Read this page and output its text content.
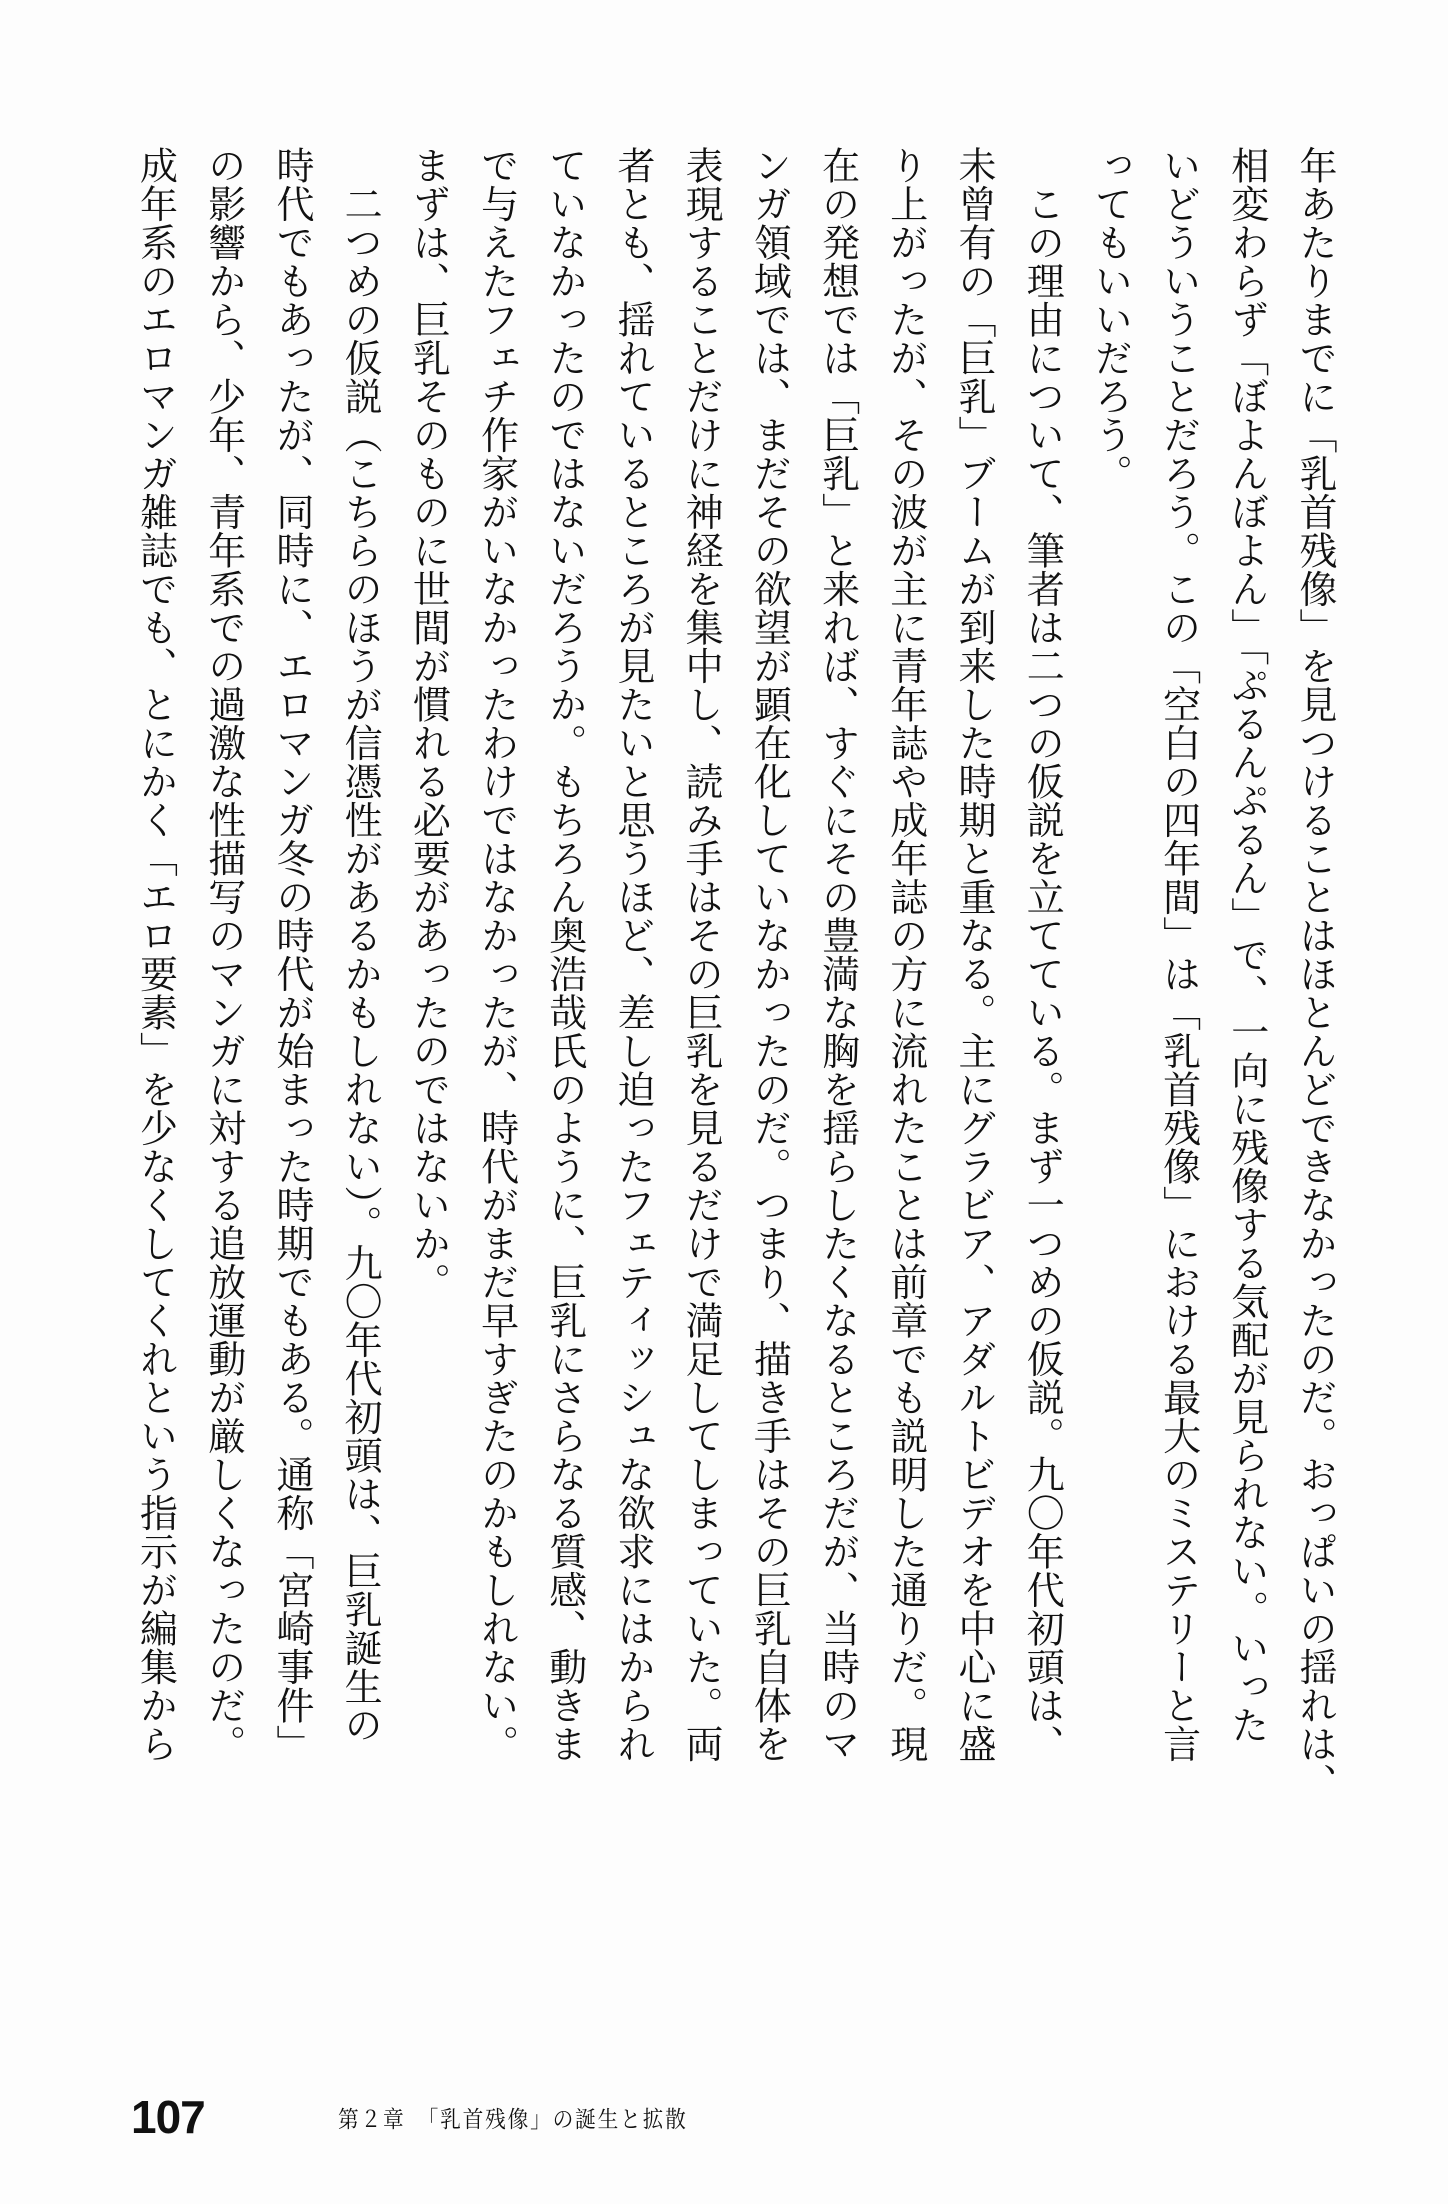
年あたりまでに「乳首残像」を見つけることはほとんどできなかったのだ。おっぱいの揺れは、
相変わらず「ぼよんぼよん」「ぷるんぷるん」で、一向に残像する気配が見られない。いった
いどういうことだろう。この「空白の四年間」は「乳首残像」における最大のミステリーと言
ってもいいだろう。
　この理由について、筆者は二つの仮説を立てている。まず一つめの仮説。九〇年代初頭は、
未曾有の「巨乳」ブームが到来した時期と重なる。主にグラビア、アダルトビデオを中心に盛
り上がったが、その波が主に青年誌や成年誌の方に流れたことは前章でも説明した通りだ。現
在の発想では「巨乳」と来れば、すぐにその豊満な胸を揺らしたくなるところだが、当時のマ
ンガ領域では、まだその欲望が顕在化していなかったのだ。つまり、描き手はその巨乳自体を
表現することだけに神経を集中し、読み手はその巨乳を見るだけで満足してしまっていた。両
者とも、揺れているところが見たいと思うほど、差し迫ったフェティッシュな欲求にはかられ
ていなかったのではないだろうか。もちろん奥浩哉氏のように、巨乳にさらなる質感、動きま
で与えたフェチ作家がいなかったわけではなかったが、時代がまだ早すぎたのかもしれない。
まずは、巨乳そのものに世間が慣れる必要があったのではないか。
　二つめの仮説（こちらのほうが信憑性があるかもしれない）。九〇年代初頭は、巨乳誕生の
時代でもあったが、同時に、エロマンガ冬の時代が始まった時期でもある。通称「宮崎事件」
の影響から、少年、青年系での過激な性描写のマンガに対する追放運動が厳しくなったのだ。
成年系のエロマンガ雑誌でも、とにかく「エロ要素」を少なくしてくれという指示が編集から
107	第２章　「乳首残像」の誕生と拡散
